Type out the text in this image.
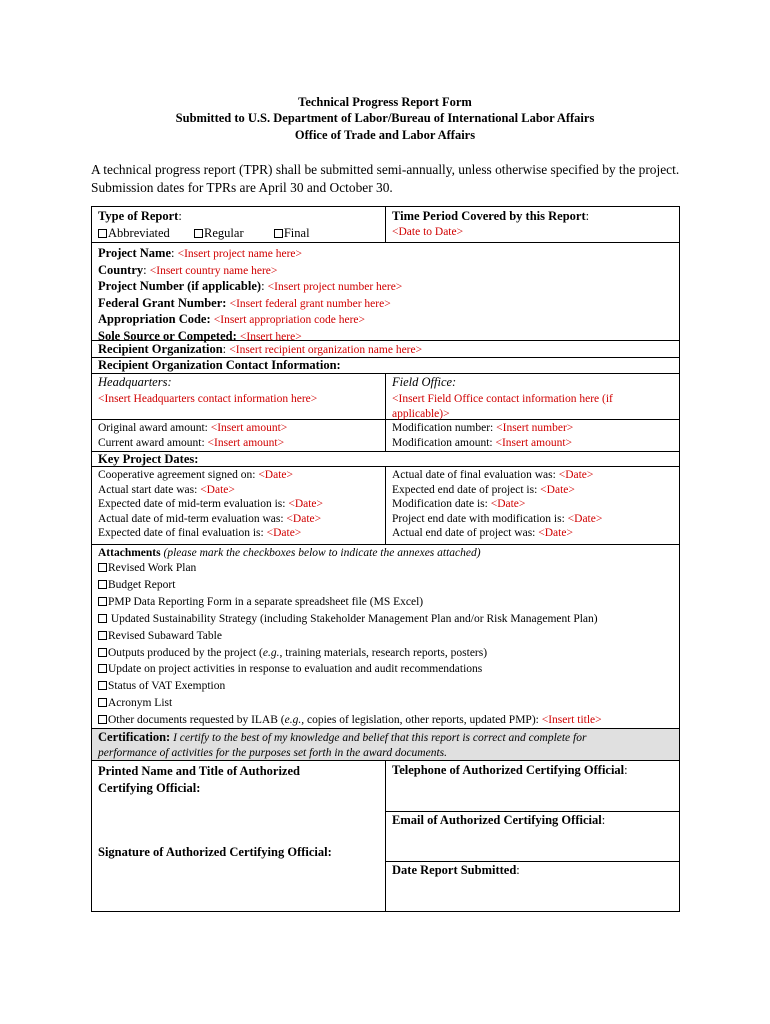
Technical Progress Report Form
Submitted to U.S. Department of Labor/Bureau of International Labor Affairs
Office of Trade and Labor Affairs
A technical progress report (TPR) shall be submitted semi-annually, unless otherwise specified by the project. Submission dates for TPRs are April 30 and October 30.
Type of Report:
Abbreviated	Regular	Final
Time Period Covered by this Report:
<Date to Date>
Project Name: <Insert project name here>
Country: <Insert country name here>
Project Number (if applicable): <Insert project number here>
Federal Grant Number: <Insert federal grant number here>
Appropriation Code: <Insert appropriation code here>
Sole Source or Competed: <Insert here>
Recipient Organization: <Insert recipient organization name here>
Recipient Organization Contact Information:
Headquarters:
<Insert Headquarters contact information here>
Field Office:
<Insert Field Office contact information here (if
applicable)>
Original award amount: <Insert amount>
Current award amount: <Insert amount>
Modification number: <Insert number>
Modification amount: <Insert amount>
Key Project Dates:
Cooperative agreement signed on: <Date>
Actual start date was: <Date>
Expected date of mid-term evaluation is: <Date>
Actual date of mid-term evaluation was: <Date>
Expected date of final evaluation is: <Date>
Actual date of final evaluation was: <Date>
Expected end date of project is: <Date>
Modification date is: <Date>
Project end date with modification is: <Date>
Actual end date of project was: <Date>
Attachments (please mark the checkboxes below to indicate the annexes attached)
Revised Work Plan
Budget Report
PMP Data Reporting Form in a separate spreadsheet file (MS Excel)
Updated Sustainability Strategy (including Stakeholder Management Plan and/or Risk Management Plan)
Revised Subaward Table
Outputs produced by the project (e.g., training materials, research reports, posters)
Update on project activities in response to evaluation and audit recommendations
Status of VAT Exemption
Acronym List
Other documents requested by ILAB (e.g., copies of legislation, other reports, updated PMP): <Insert title>
Certification: I certify to the best of my knowledge and belief that this report is correct and complete for
performance of activities for the purposes set forth in the award documents.
Printed Name and Title of Authorized
Certifying Official:
Signature of Authorized Certifying Official:
Telephone of Authorized Certifying Official:
Email of Authorized Certifying Official:
Date Report Submitted:
